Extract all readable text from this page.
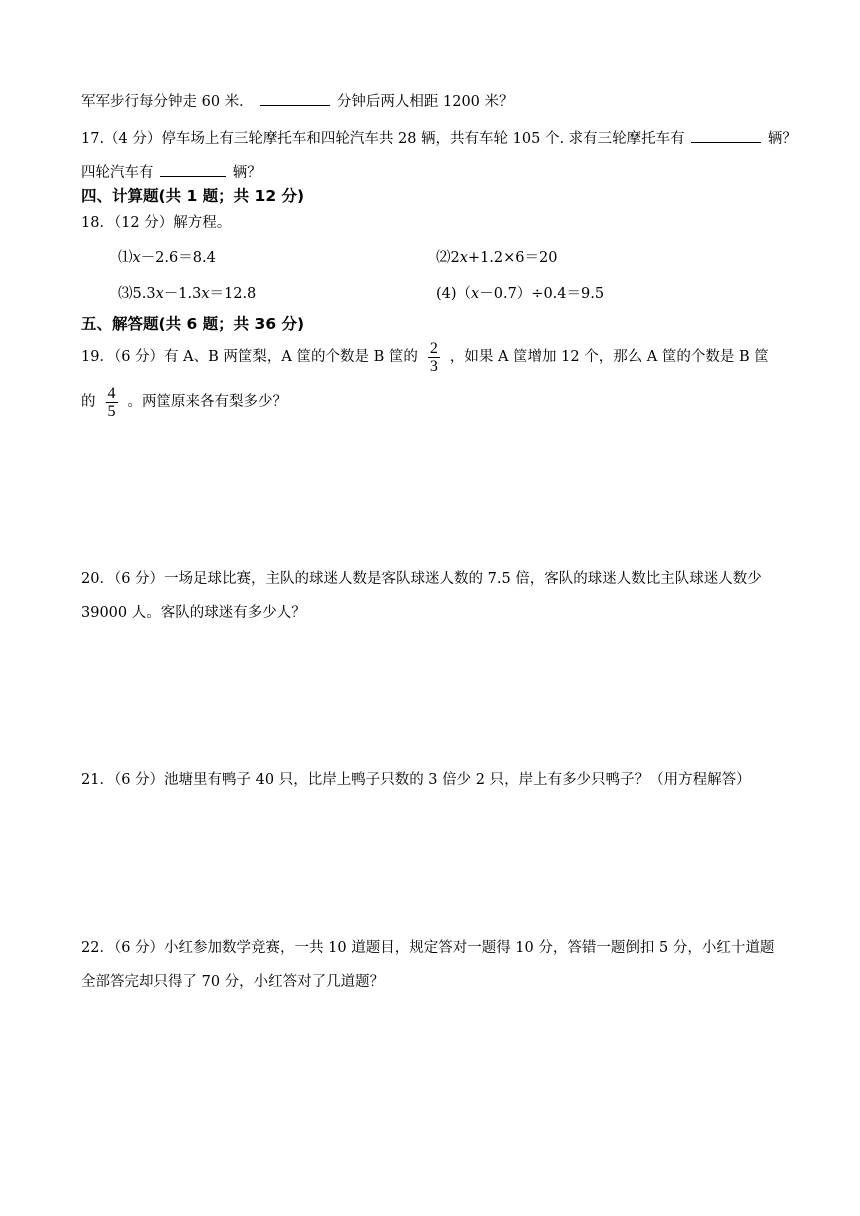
军军步行每分钟走 60 米．	分钟后两人相距 1200 米？
17.（4 分）停车场上有三轮摩托车和四轮汽车共 28 辆，共有车轮 105 个. 求有三轮摩托车有	辆？
四轮汽车有	辆？
四、计算题(共 1 题；共 12 分)
18．（12 分）解方程。
⑴x－2.6＝8.4	⑵2x+1.2×6＝20
⑶5.3x－1.3x＝12.8	(4)（x－0.7）÷0.4＝9.5
五、解答题(共 6 题；共 36 分)
19．（6 分）有 A、B 两筐梨，A 筐的个数是 B 筐的 $\frac{2}{3}$ ，如果 A 筐增加 12 个，那么 A 筐的个数是 B 筐
的 $\frac{4}{5}$ 。两筐原来各有梨多少？
20．（6 分）一场足球比赛，主队的球迷人数是客队球迷人数的 7.5 倍，客队的球迷人数比主队球迷人数少
39000 人。客队的球迷有多少人？
21．（6 分）池塘里有鸭子 40 只，比岸上鸭子只数的 3 倍少 2 只，岸上有多少只鸭子？（用方程解答）
22．（6 分）小红参加数学竞赛，一共 10 道题目，规定答对一题得 10 分，答错一题倒扣 5 分，小红十道题
全部答完却只得了 70 分，小红答对了几道题？
